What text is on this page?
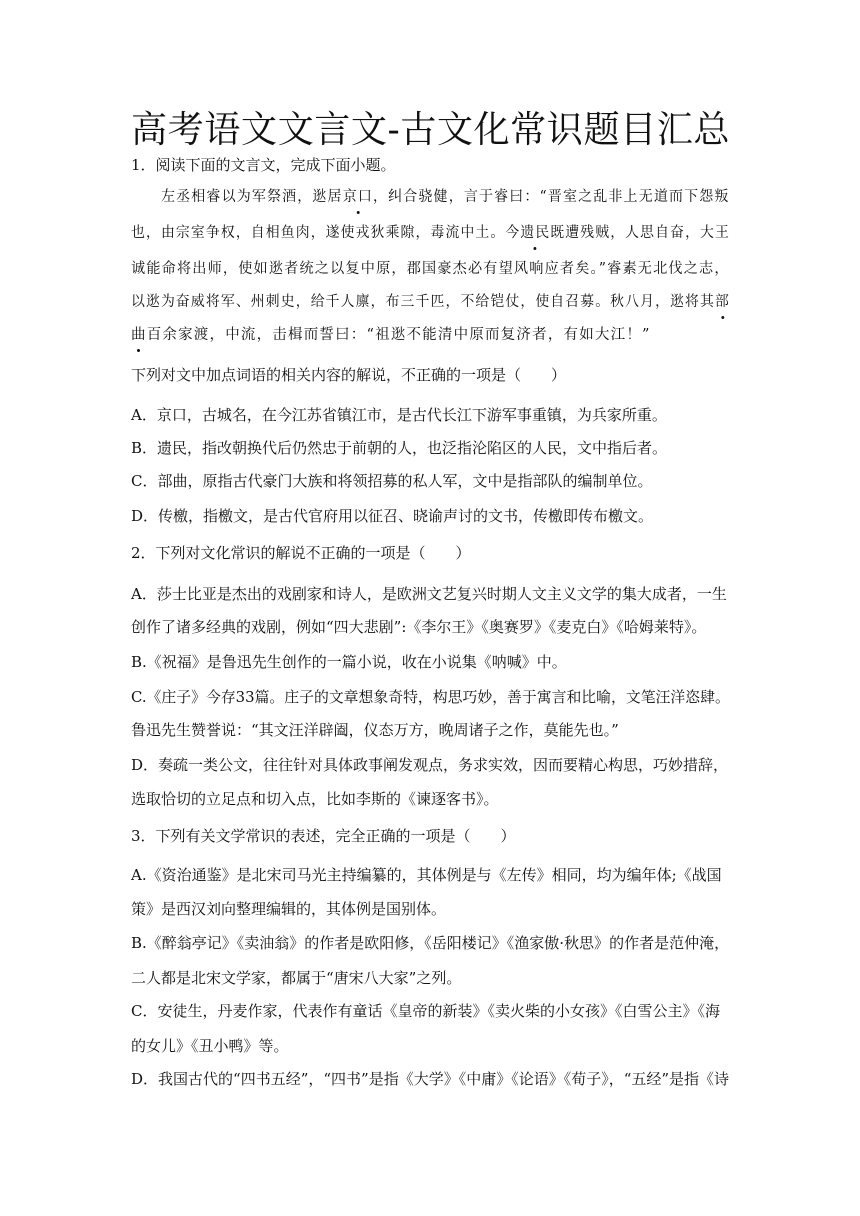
高考语文文言文-古文化常识题目汇总
1．阅读下面的文言文，完成下面小题。
左丞相睿以为军祭酒，逖居京口，纠合骁健，言于睿曰：“晋室之乱非上无道而下怨叛
也，由宗室争权，自相鱼肉，遂使戎狄乘隙，毒流中土。今遗民既遭残贼，人思自奋，大王
诚能命将出师，使如逖者统之以复中原，郡国豪杰必有望风响应者矣。”睿素无北伐之志，
以逖为奋威将军、州刺史，给千人廪，布三千匹，不给铠仗，使自召募。秋八月，逖将其部
曲百余家渡，中流，击楫而誓曰：“祖逖不能清中原而复济者，有如大江！”
下列对文中加点词语的相关内容的解说，不正确的一项是（　　）
A．京口，古城名，在今江苏省镇江市，是古代长江下游军事重镇，为兵家所重。
B．遗民，指改朝换代后仍然忠于前朝的人，也泛指沦陷区的人民，文中指后者。
C．部曲，原指古代豪门大族和将领招募的私人军，文中是指部队的编制单位。
D．传檄，指檄文，是古代官府用以征召、晓谕声讨的文书，传檄即传布檄文。
2．下列对文化常识的解说不正确的一项是（　　）
A．莎士比亚是杰出的戏剧家和诗人，是欧洲文艺复兴时期人文主义文学的集大成者，一生
创作了诸多经典的戏剧，例如“四大悲剧”:《李尔王》《奥赛罗》《麦克白》《哈姆莱特》。
B.《祝福》是鲁迅先生创作的一篇小说，收在小说集《呐喊》中。
C.《庄子》今存33篇。庄子的文章想象奇特，构思巧妙，善于寓言和比喻，文笔汪洋恣肆。
鲁迅先生赞誉说：“其文汪洋辟阖，仪态万方，晚周诸子之作，莫能先也。”
D．奏疏一类公文，往往针对具体政事阐发观点，务求实效，因而要精心构思，巧妙措辞，
选取恰切的立足点和切入点，比如李斯的《谏逐客书》。
3．下列有关文学常识的表述，完全正确的一项是（　　）
A.《资治通鉴》是北宋司马光主持编纂的，其体例是与《左传》相同，均为编年体;《战国
策》是西汉刘向整理编辑的，其体例是国别体。
B.《醉翁亭记》《卖油翁》的作者是欧阳修，《岳阳楼记》《渔家傲·秋思》的作者是范仲淹，
二人都是北宋文学家，都属于“唐宋八大家”之列。
C．安徒生，丹麦作家，代表作有童话《皇帝的新装》《卖火柴的小女孩》《白雪公主》《海
的女儿》《丑小鸭》等。
D．我国古代的“四书五经”，“四书”是指《大学》《中庸》《论语》《荀子》，“五经”是指《诗
